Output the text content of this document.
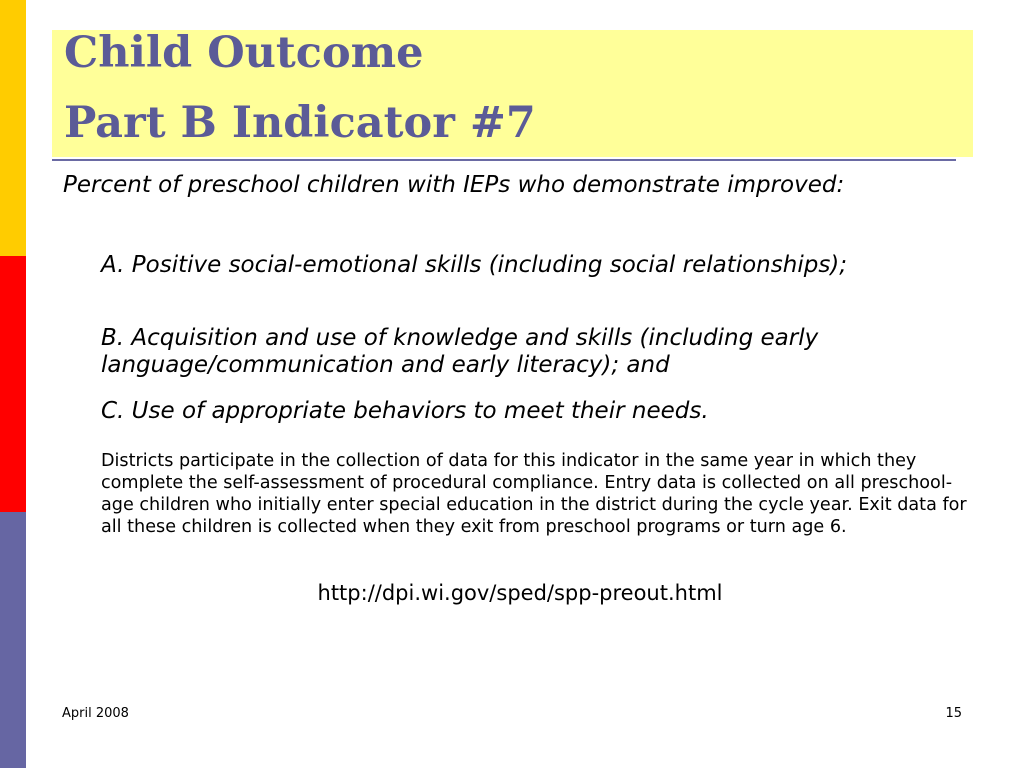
Child Outcome
Part B Indicator #7

Percent of preschool children with IEPs who demonstrate improved:

A. Positive social-emotional skills (including social relationships);

B. Acquisition and use of knowledge and skills (including early language/communication and early literacy); and

C. Use of appropriate behaviors to meet their needs.

Districts participate in the collection of data for this indicator in the same year in which they complete the self-assessment of procedural compliance. Entry data is collected on all preschool-age children who initially enter special education in the district during the cycle year. Exit data for all these children is collected when they exit from preschool programs or turn age 6.

http://dpi.wi.gov/sped/spp-preout.html

April 2008	15
